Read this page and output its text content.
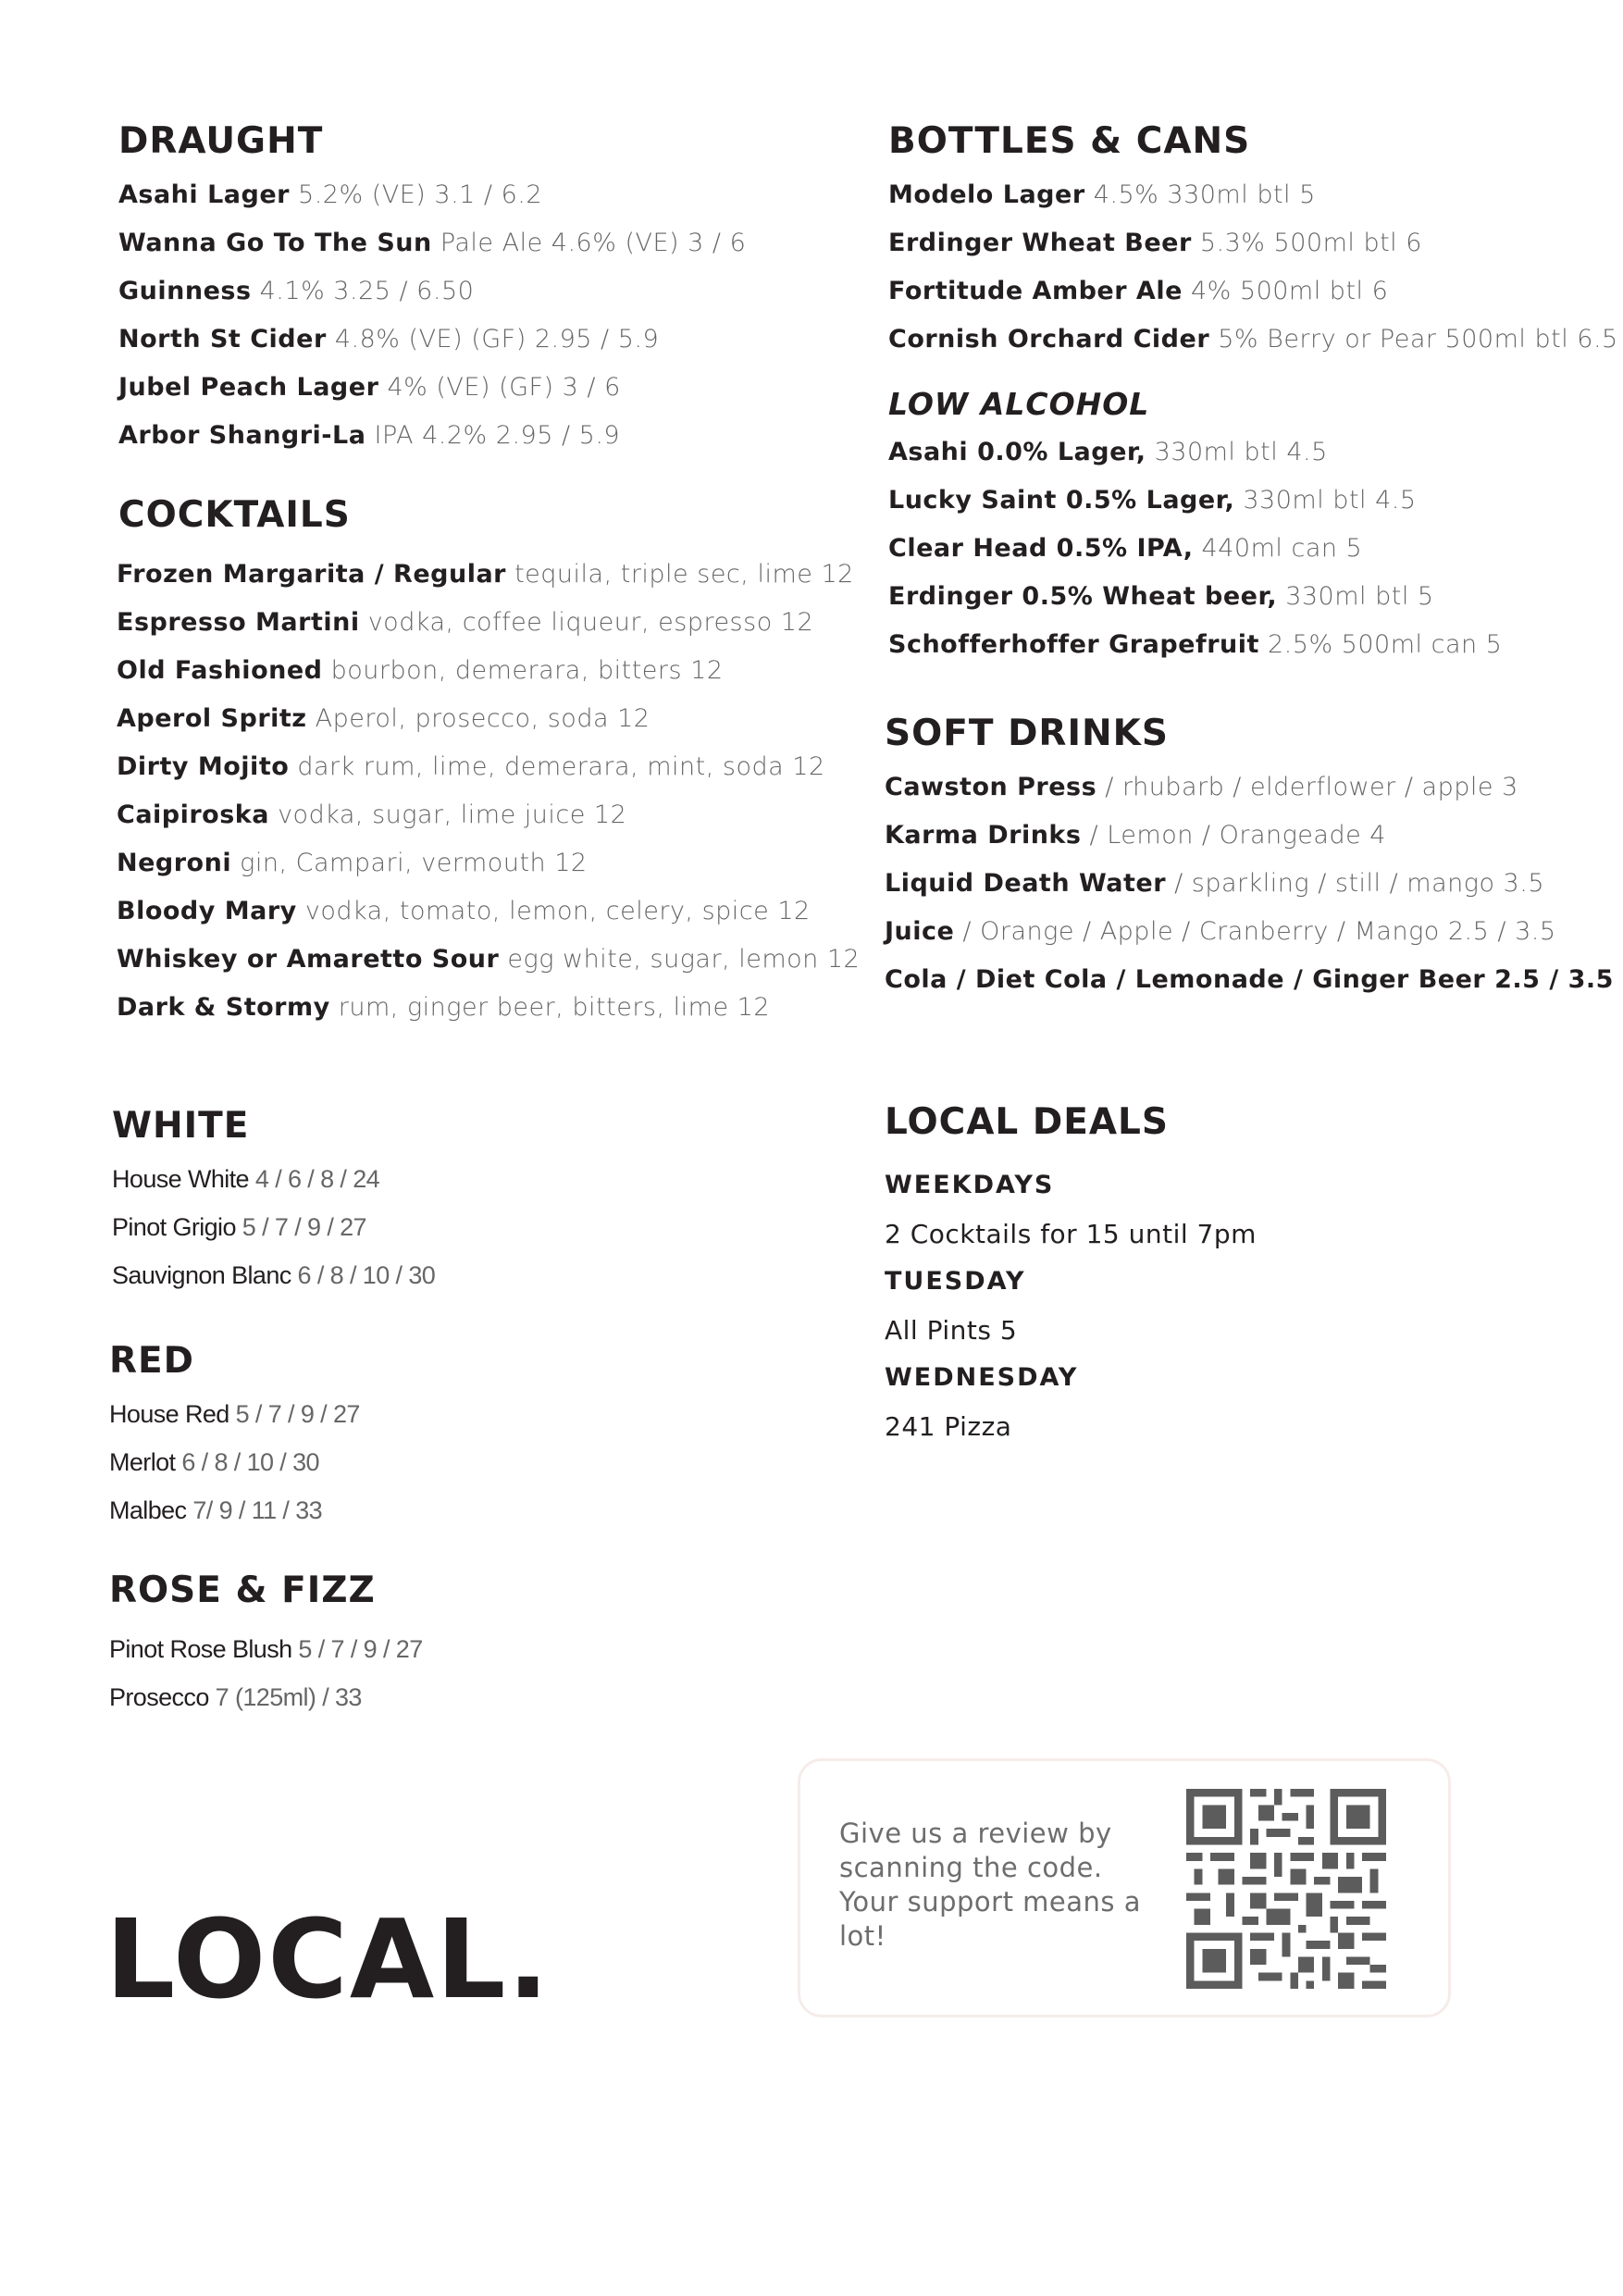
DRAUGHT
Asahi Lager 5.2% (VE) 3.1 / 6.2
Wanna Go To The Sun Pale Ale 4.6% (VE) 3 / 6
Guinness 4.1% 3.25 / 6.50
North St Cider 4.8% (VE) (GF) 2.95 / 5.9
Jubel Peach Lager 4% (VE) (GF) 3 / 6
Arbor Shangri-La IPA 4.2% 2.95 / 5.9
COCKTAILS
Frozen Margarita / Regular tequila, triple sec, lime 12
Espresso Martini vodka, coffee liqueur, espresso 12
Old Fashioned bourbon, demerara, bitters 12
Aperol Spritz Aperol, prosecco, soda 12
Dirty Mojito dark rum, lime, demerara, mint, soda 12
Caipiroska vodka, sugar, lime juice 12
Negroni gin, Campari, vermouth 12
Bloody Mary vodka, tomato, lemon, celery, spice 12
Whiskey or Amaretto Sour egg white, sugar, lemon 12
Dark & Stormy rum, ginger beer, bitters, lime 12
BOTTLES & CANS
Modelo Lager 4.5% 330ml btl 5
Erdinger Wheat Beer 5.3% 500ml btl 6
Fortitude Amber Ale 4% 500ml btl 6
Cornish Orchard Cider 5% Berry or Pear 500ml btl 6.5
LOW ALCOHOL
Asahi 0.0% Lager, 330ml btl 4.5
Lucky Saint 0.5% Lager, 330ml btl 4.5
Clear Head 0.5% IPA, 440ml can 5
Erdinger 0.5% Wheat beer, 330ml btl 5
Schofferhoffer Grapefruit 2.5% 500ml can 5
SOFT DRINKS
Cawston Press / rhubarb / elderflower / apple 3
Karma Drinks / Lemon / Orangeade 4
Liquid Death Water / sparkling / still / mango 3.5
Juice / Orange / Apple / Cranberry / Mango 2.5 / 3.5
Cola / Diet Cola / Lemonade / Ginger Beer 2.5 / 3.5
WHITE
House White 4 / 6 / 8 / 24
Pinot Grigio 5 / 7 / 9 / 27
Sauvignon Blanc 6 / 8 / 10 / 30
RED
House Red 5 / 7 / 9 / 27
Merlot 6 / 8 / 10 / 30
Malbec 7/ 9 / 11 / 33
ROSE & FIZZ
Pinot Rose Blush 5 / 7 / 9 / 27
Prosecco 7 (125ml) / 33
LOCAL DEALS
WEEKDAYS
2 Cocktails for 15 until 7pm
TUESDAY
All Pints 5
WEDNESDAY
241 Pizza
LOCAL.
Give us a review by scanning the code. Your support means a lot!
